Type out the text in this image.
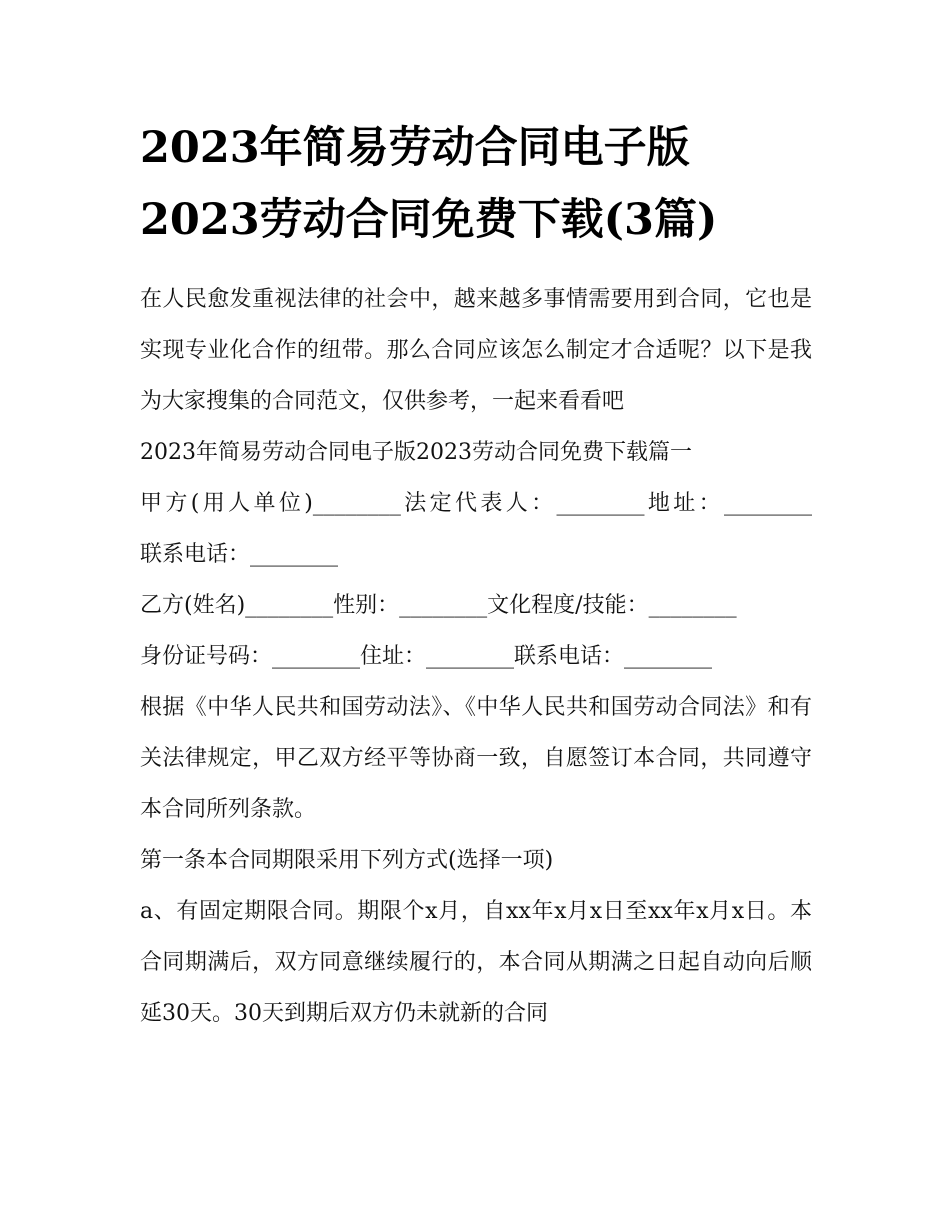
2023年简易劳动合同电子版
2023劳动合同免费下载(3篇)

在人民愈发重视法律的社会中，越来越多事情需要用到合同，它也是实现专业化合作的纽带。那么合同应该怎么制定才合适呢？以下是我为大家搜集的合同范文，仅供参考，一起来看看吧

2023年简易劳动合同电子版2023劳动合同免费下载篇一

甲方(用人单位)________法定代表人：________地址：________

联系电话：________

乙方(姓名)________性别：________文化程度/技能：________

身份证号码：________住址：________联系电话：________

根据《中华人民共和国劳动法》、《中华人民共和国劳动合同法》和有关法律规定，甲乙双方经平等协商一致，自愿签订本合同，共同遵守本合同所列条款。

第一条本合同期限采用下列方式(选择一项)

a、有固定期限合同。期限个x月，自xx年x月x日至xx年x月x日。本合同期满后，双方同意继续履行的，本合同从期满之日起自动向后顺延30天。30天到期后双方仍未就新的合同
